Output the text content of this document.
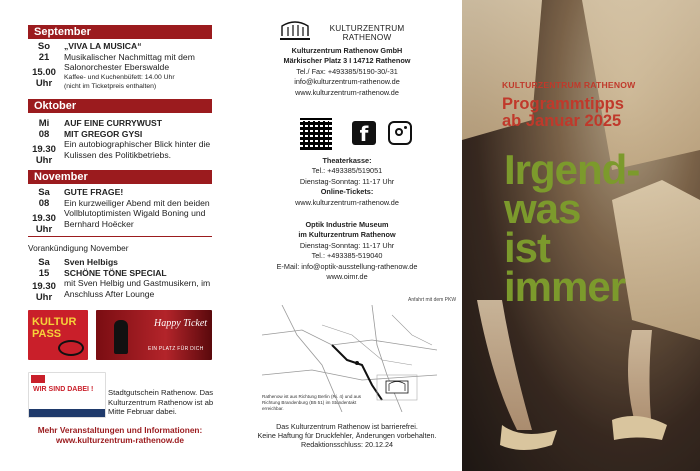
September
So
21
15.00 Uhr
„VIVA LA MUSICA“
Musikalischer Nachmittag mit dem Salonorchester Eberswalde
Kaffee- und Kuchenbüfett: 14.00 Uhr
(nicht im Ticketpreis enthalten)
Oktober
Mi
08
19.30 Uhr
AUF EINE CURRYWUST
MIT GREGOR GYSI
Ein autobiographischer Blick hinter die Kulissen des Politikbetriebs.
November
Sa
08
19.30 Uhr
GUTE FRAGE!
Ein kurzweiliger Abend mit den beiden Vollblutoptimisten Wigald Boning und Bernhard Hoëcker
Vorankündigung November
Sa
15
19.30 Uhr
Sven Helbigs
SCHÖNE TÖNE SPECIAL
mit Sven Helbig und Gastmusikern, im Anschluss After Lounge
KULTUR PASS
Happy Ticket
EIN PLATZ FÜR DICH
WIR SIND DABEI ! Stadtgutschein Rathenow. Das Kulturzentrum Rathenow ist ab Mitte Februar dabei.
Mehr Veranstaltungen und Informationen:
www.kulturzentrum-rathenow.de
KULTURZENTRUM RATHENOW
Kulturzentrum Rathenow GmbH
Märkischer Platz 3 I 14712 Rathenow
Tel./ Fax: +493385/5190-30/-31
info@kulturzentrum-rathenow.de
www.kulturzentrum-rathenow.de
f
Theaterkasse:
Tel.: +493385/519051
Dienstag-Sonntag: 11-17 Uhr
Online-Tickets:
www.kulturzentrum-rathenow.de
Optik Industrie Museum
im Kulturzentrum Rathenow
Dienstag-Sonntag: 11-17 Uhr
Tel.: +493385-519040
E-Mail: info@optik-ausstellung-rathenow.de
www.oimr.de
Anfahrt mit dem PKW
Rathenow ist aus Richtung Berlin (Ri. 4) und aus Richtung Brandenburg (B5 51) im Stundentakt erreichbar.
Das Kulturzentrum Rathenow ist barrierefrei.
Keine Haftung für Druckfehler, Änderungen vorbehalten.
Redaktionsschluss: 20.12.24
KULTURZENTRUM RATHENOW
Programmtipps
ab Januar 2025
Irgend-
was
ist
immer
